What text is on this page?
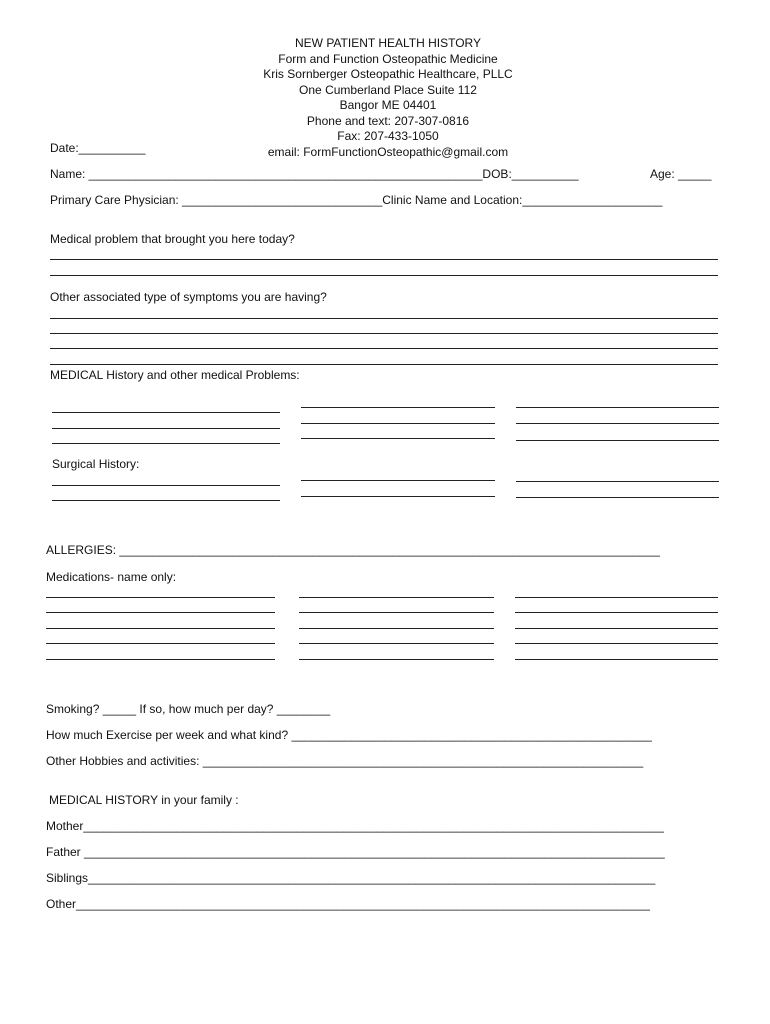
NEW PATIENT HEALTH HISTORY
Form and Function Osteopathic Medicine
Kris Sornberger Osteopathic Healthcare, PLLC
One Cumberland Place Suite 112
Bangor ME 04401
Phone and text: 207-307-0816
Fax: 207-433-1050
email: FormFunctionOsteopathic@gmail.com
Date:__________
Name: ___________________________________________________________DOB:__________	Age: _____
Primary Care Physician: ______________________________Clinic Name and Location:_____________________
Medical problem that brought you here today?
Other associated type of symptoms you are having?
MEDICAL History and other medical Problems:
Surgical History:
ALLERGIES: _________________________________________________________________________________
Medications- name only:
Smoking? _____ If so, how much per day? ________
How much Exercise per week and what kind? ______________________________________________________
Other Hobbies and activities: __________________________________________________________________
MEDICAL HISTORY in your family :
Mother_______________________________________________________________________________________
Father _______________________________________________________________________________________
Siblings_____________________________________________________________________________________
Other______________________________________________________________________________________
